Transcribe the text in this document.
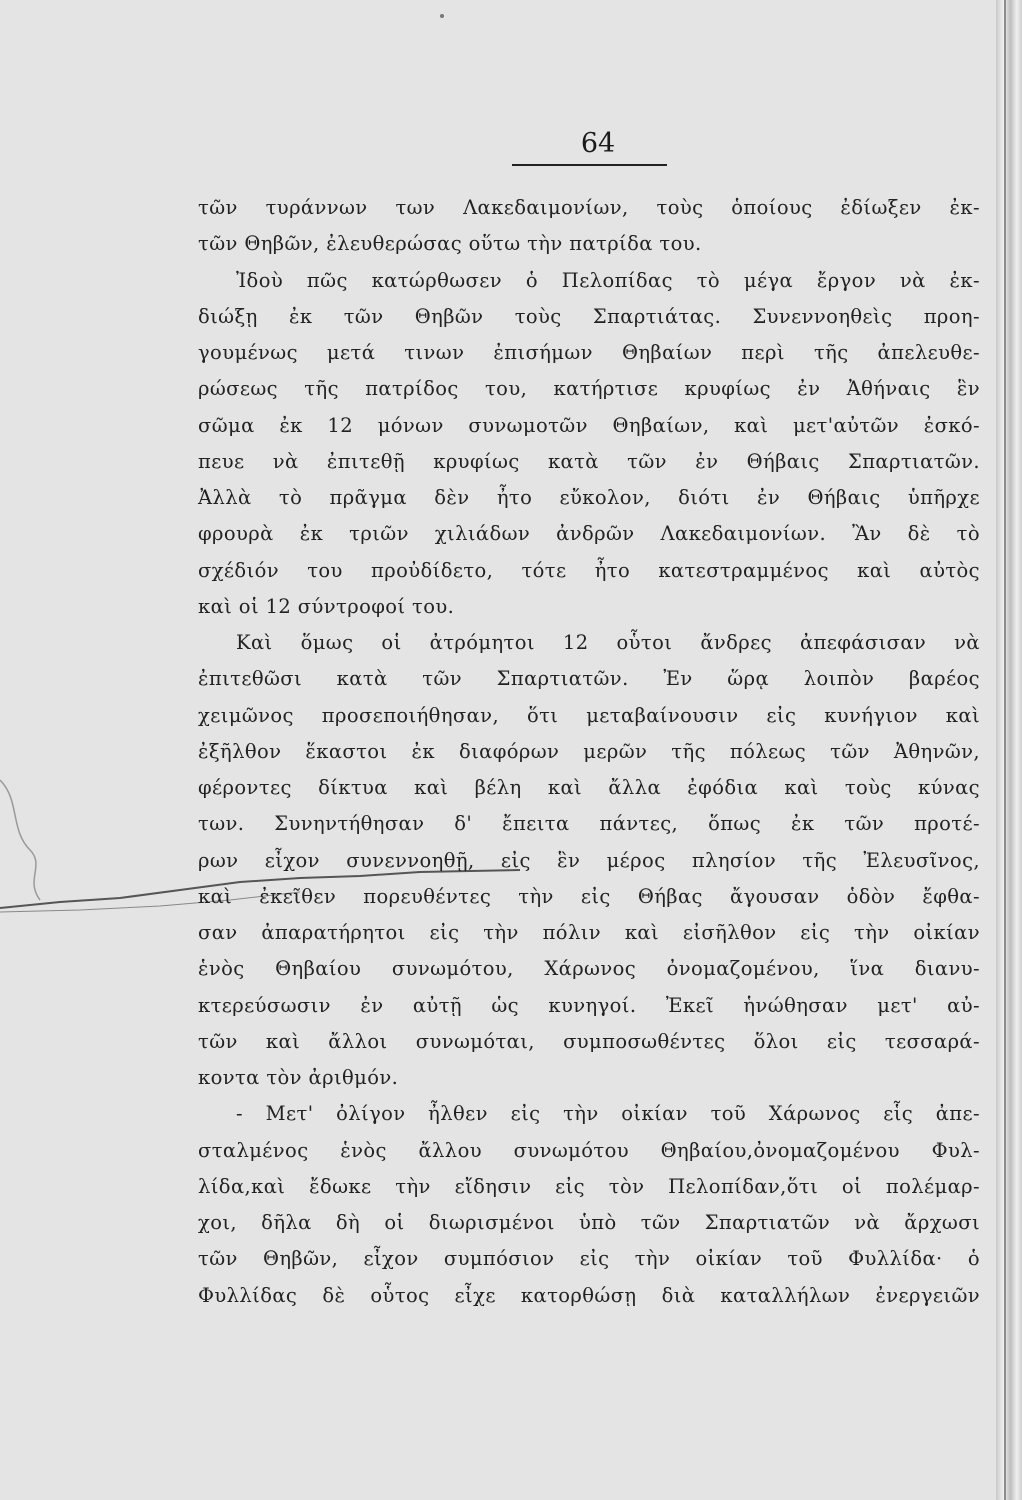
64
τῶν τυράννων των Λακεδαιμονίων, τοὺς ὁποίους ἐδίωξεν ἐκ-
τῶν Θηβῶν, ἐλευθερώσας οὕτω τὴν πατρίδα του.
Ἰδοὺ πῶς κατώρθωσεν ὁ Πελοπίδας τὸ μέγα ἔργον νὰ ἐκ-
διώξῃ ἐκ τῶν Θηβῶν τοὺς Σπαρτιάτας. Συνεννοηθεὶς προη-
γουμένως μετά τινων ἐπισήμων Θηβαίων περὶ τῆς ἀπελευθε-
ρώσεως τῆς πατρίδος του, κατήρτισε κρυφίως ἐν Ἀθήναις ἓν
σῶμα ἐκ 12 μόνων συνωμοτῶν Θηβαίων, καὶ μετ'αὐτῶν ἐσκό-
πευε νὰ ἐπιτεθῇ κρυφίως κατὰ τῶν ἐν Θήβαις Σπαρτιατῶν.
Ἀλλὰ τὸ πρᾶγμα δὲν ἦτο εὔκολον, διότι ἐν Θήβαις ὑπῆρχε
φρουρὰ ἐκ τριῶν χιλιάδων ἀνδρῶν Λακεδαιμονίων. Ἂν δὲ τὸ
σχέδιόν του προὐδίδετο, τότε ἦτο κατεστραμμένος καὶ αὐτὸς
καὶ οἱ 12 σύντροφοί του.
Καὶ ὅμως οἱ ἀτρόμητοι 12 οὗτοι ἄνδρες ἀπεφάσισαν νὰ
ἐπιτεθῶσι κατὰ τῶν Σπαρτιατῶν. Ἐν ὥρᾳ λοιπὸν βαρέος
χειμῶνος προσεποιήθησαν, ὅτι μεταβαίνουσιν εἰς κυνήγιον καὶ
ἐξῆλθον ἕκαστοι ἐκ διαφόρων μερῶν τῆς πόλεως τῶν Ἀθηνῶν,
φέροντες δίκτυα καὶ βέλη καὶ ἄλλα ἐφόδια καὶ τοὺς κύνας
των. Συνηντήθησαν δ' ἔπειτα πάντες, ὅπως ἐκ τῶν προτέ-
ρων εἶχον συνεννοηθῇ, εἰς ἓν μέρος πλησίον τῆς Ἐλευσῖνος,
καὶ ἐκεῖθεν πορευθέντες τὴν εἰς Θήβας ἄγουσαν ὁδὸν ἔφθα-
σαν ἀπαρατήρητοι εἰς τὴν πόλιν καὶ εἰσῆλθον εἰς τὴν οἰκίαν
ἑνὸς Θηβαίου συνωμότου, Χάρωνος ὀνομαζομένου, ἵνα διανυ-
κτερεύσωσιν ἐν αὐτῇ ὡς κυνηγοί. Ἐκεῖ ἡνώθησαν μετ' αὐ-
τῶν καὶ ἄλλοι συνωμόται, συμποσωθέντες ὅλοι εἰς τεσσαρά-
κοντα τὸν ἀριθμόν.
- Μετ' ὀλίγον ἦλθεν εἰς τὴν οἰκίαν τοῦ Χάρωνος εἷς ἀπε-
σταλμένος ἑνὸς ἄλλου συνωμότου Θηβαίου,ὀνομαζομένου Φυλ-
λίδα,καὶ ἔδωκε τὴν εἴδησιν εἰς τὸν Πελοπίδαν,ὅτι οἱ πολέμαρ-
χοι, δῆλα δὴ οἱ διωρισμένοι ὑπὸ τῶν Σπαρτιατῶν νὰ ἄρχωσι
τῶν Θηβῶν, εἶχον συμπόσιον εἰς τὴν οἰκίαν τοῦ Φυλλίδα· ὁ
Φυλλίδας δὲ οὗτος εἶχε κατορθώσῃ διὰ καταλλήλων ἐνεργειῶν
